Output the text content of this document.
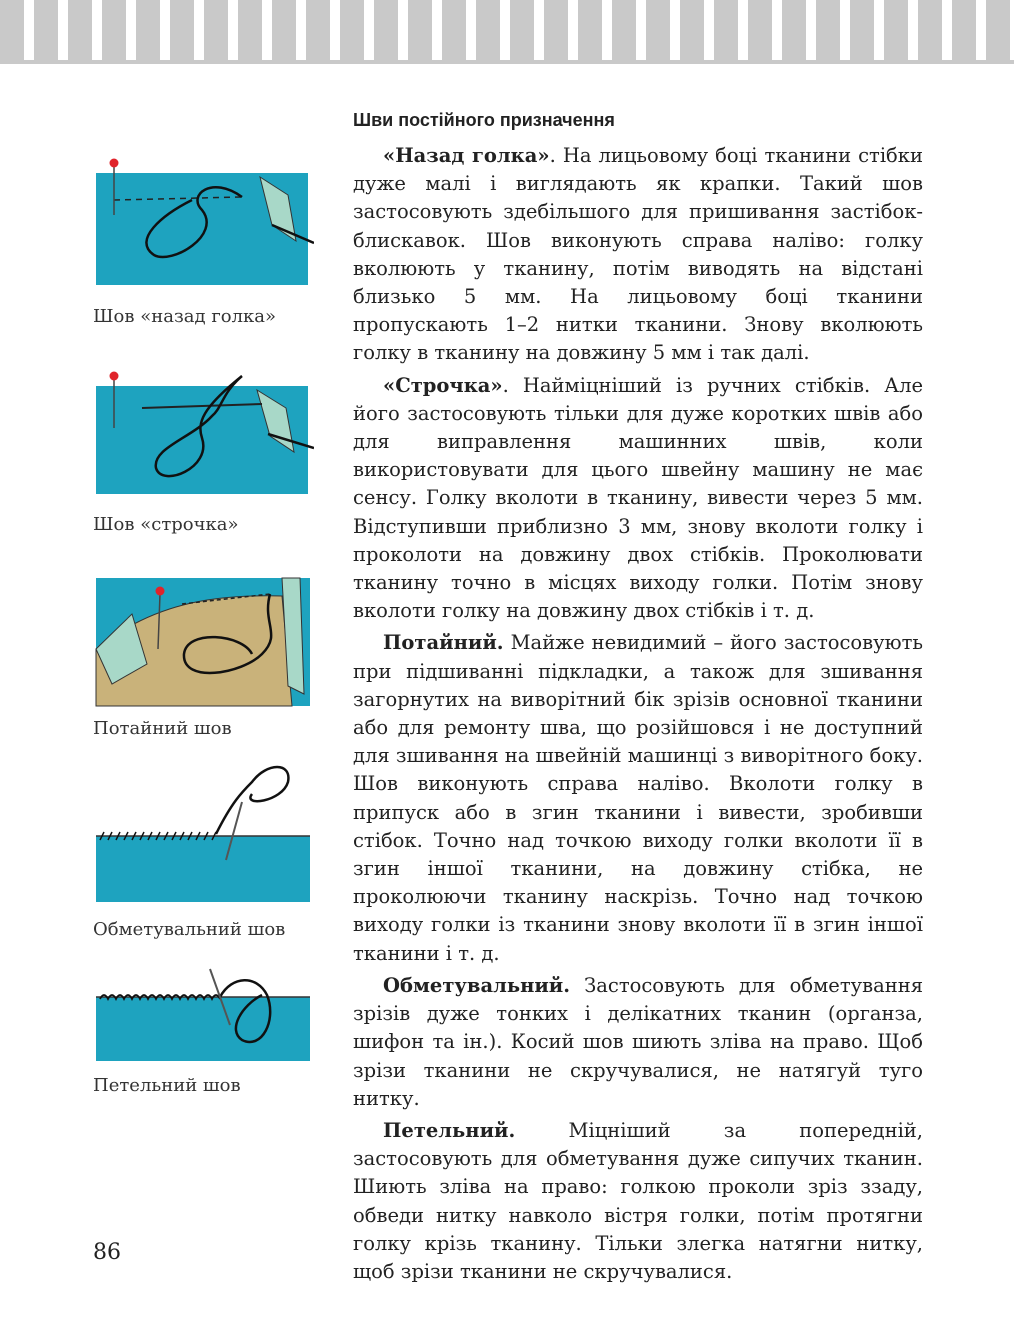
Шов «назад голка»
Шов «строчка»
Потайний шов
Обметувальний шов
Петельний шов
Шви постійного призначення

«Назад голка». На лицьовому боці тканини стібки дуже малі і виглядають як крапки. Такий шов застосовують здебільшого для пришивання застібок-блискавок. Шов виконують справа наліво: голку вколюють у тканину, потім виводять на відстані близько 5 мм. На лицьовому боці тканини пропускають 1–2 нитки тканини. Знову вколюють голку в тканину на довжину 5 мм і так далі.

«Строчка». Найміцніший із ручних стібків. Але його застосовують тільки для дуже коротких швів або для виправлення машинних швів, коли використовувати для цього швейну машину не має сенсу. Голку вколоти в тканину, вивести через 5 мм. Відступивши приблизно 3 мм, знову вколоти голку і проколоти на довжину двох стібків. Проколювати тканину точно в місцях виходу голки. Потім знову вколоти голку на довжину двох стібків і т. д.

Потайний. Майже невидимий – його застосовують при підшиванні підкладки, а також для зшивання загорнутих на виворітний бік зрізів основної тканини або для ремонту шва, що розійшовся і не доступний для зшивання на швейній машинці з виворітного боку. Шов виконують справа наліво. Вколоти голку в припуск або в згин тканини і вивести, зробивши стібок. Точно над точкою виходу голки вколоти її в згин іншої тканини, на довжину стібка, не проколюючи тканину наскрізь. Точно над точкою виходу голки із тканини знову вколоти її в згин іншої тканини і т. д.

Обметувальний. Застосовують для обметування зрізів дуже тонких і делікатних тканин (органза, шифон та ін.). Косий шов шиють зліва на право. Щоб зрізи тканини не скручувалися, не натягуй туго нитку.

Петельний. Міцніший за попередній, застосовують для обметування дуже сипучих тканин. Шиють зліва на право: голкою проколи зріз ззаду, обведи нитку навколо вістря голки, потім протягни голку крізь тканину. Тільки злегка натягни нитку, щоб зрізи тканини не скручувалися.

86
